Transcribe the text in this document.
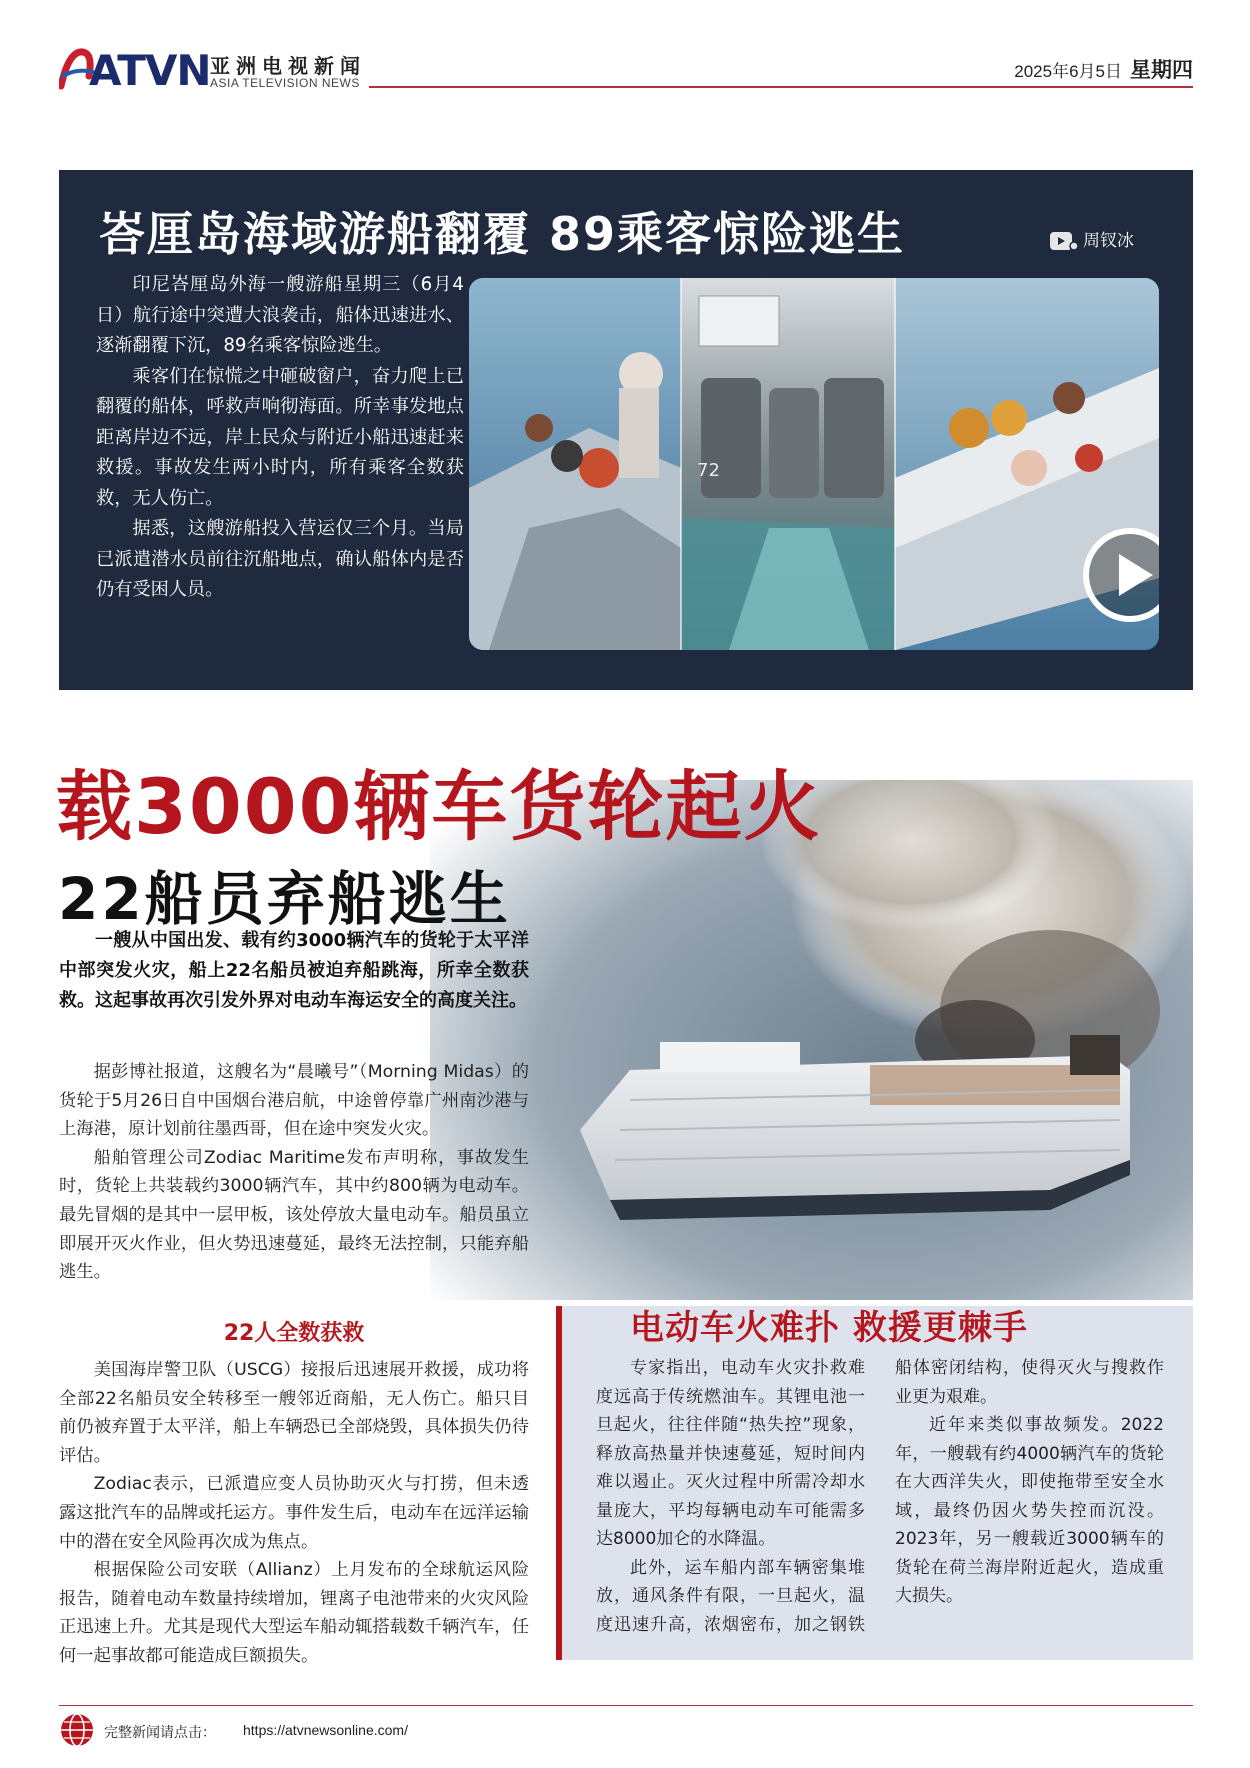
ATVN 亚洲电视新闻
ASIA TELEVISION NEWS
2025年6月5日 星期四
峇厘岛海域游船翻覆 89乘客惊险逃生	周钗冰

印尼峇厘岛外海一艘游船星期三（6月4日）航行途中突遭大浪袭击，船体迅速进水、逐渐翻覆下沉，89名乘客惊险逃生。

乘客们在惊慌之中砸破窗户，奋力爬上已翻覆的船体，呼救声响彻海面。所幸事发地点距离岸边不远，岸上民众与附近小船迅速赶来救援。事故发生两小时内，所有乘客全数获救，无人伤亡。

据悉，这艘游船投入营运仅三个月。当局已派遣潜水员前往沉船地点，确认船体内是否仍有受困人员。

72
载3000辆车货轮起火
22船员弃船逃生

一艘从中国出发、载有约3000辆汽车的货轮于太平洋中部突发火灾，船上22名船员被迫弃船跳海，所幸全数获救。这起事故再次引发外界对电动车海运安全的高度关注。

据彭博社报道，这艘名为“晨曦号”（Morning Midas）的货轮于5月26日自中国烟台港启航，中途曾停靠广州南沙港与上海港，原计划前往墨西哥，但在途中突发火灾。

船舶管理公司Zodiac Maritime发布声明称，事故发生时，货轮上共装载约3000辆汽车，其中约800辆为电动车。最先冒烟的是其中一层甲板，该处停放大量电动车。船员虽立即展开灭火作业，但火势迅速蔓延，最终无法控制，只能弃船逃生。

22人全数获救

美国海岸警卫队（USCG）接报后迅速展开救援，成功将全部22名船员安全转移至一艘邻近商船，无人伤亡。船只目前仍被弃置于太平洋，船上车辆恐已全部烧毁，具体损失仍待评估。

Zodiac表示，已派遣应变人员协助灭火与打捞，但未透露这批汽车的品牌或托运方。事件发生后，电动车在远洋运输中的潜在安全风险再次成为焦点。

根据保险公司安联（Allianz）上月发布的全球航运风险报告，随着电动车数量持续增加，锂离子电池带来的火灾风险正迅速上升。尤其是现代大型运车船动辄搭载数千辆汽车，任何一起事故都可能造成巨额损失。

电动车火难扑 救援更棘手

专家指出，电动车火灾扑救难度远高于传统燃油车。其锂电池一旦起火，往往伴随“热失控”现象，释放高热量并快速蔓延，短时间内难以遏止。灭火过程中所需冷却水量庞大，平均每辆电动车可能需多达8000加仑的水降温。

此外，运车船内部车辆密集堆放，通风条件有限，一旦起火，温度迅速升高，浓烟密布，加之钢铁船体密闭结构，使得灭火与搜救作业更为艰难。

近年来类似事故频发。2022年，一艘载有约4000辆汽车的货轮在大西洋失火，即使拖带至安全水域，最终仍因火势失控而沉没。2023年，另一艘载近3000辆车的货轮在荷兰海岸附近起火，造成重大损失。

完整新闻请点击： https://atvnewsonline.com/
